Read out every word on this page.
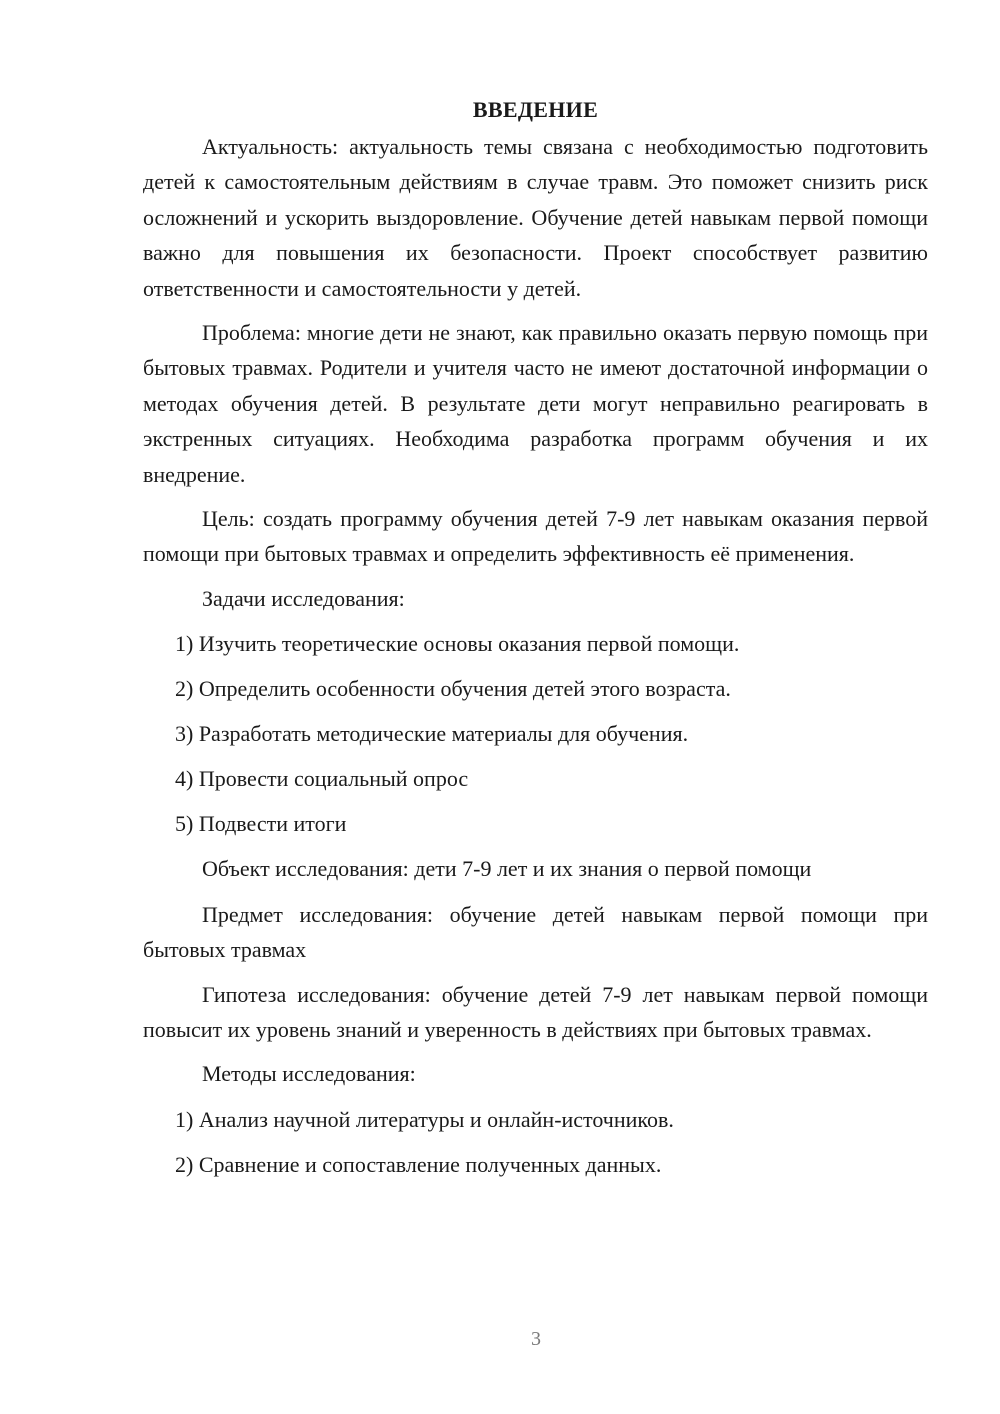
ВВЕДЕНИЕ

Актуальность: актуальность темы связана с необходимостью подготовить детей к самостоятельным действиям в случае травм. Это поможет снизить риск осложнений и ускорить выздоровление. Обучение детей навыкам первой помощи важно для повышения их безопасности. Проект способствует развитию ответственности и самостоятельности у детей.

Проблема: многие дети не знают, как правильно оказать первую помощь при бытовых травмах. Родители и учителя часто не имеют достаточной информации о методах обучения детей. В результате дети могут неправильно реагировать в экстренных ситуациях. Необходима разработка программ обучения и их внедрение.

Цель: создать программу обучения детей 7-9 лет навыкам оказания первой помощи при бытовых травмах и определить эффективность её применения.

Задачи исследования:

1) Изучить теоретические основы оказания первой помощи.
2) Определить особенности обучения детей этого возраста.
3) Разработать методические материалы для обучения.
4) Провести социальный опрос
5) Подвести итоги

Объект исследования: дети 7-9 лет и их знания о первой помощи

Предмет исследования: обучение детей навыкам первой помощи при бытовых травмах

Гипотеза исследования: обучение детей 7-9 лет навыкам первой помощи повысит их уровень знаний и уверенность в действиях при бытовых травмах.

Методы исследования:

1) Анализ научной литературы и онлайн-источников.
2) Сравнение и сопоставление полученных данных.
3
